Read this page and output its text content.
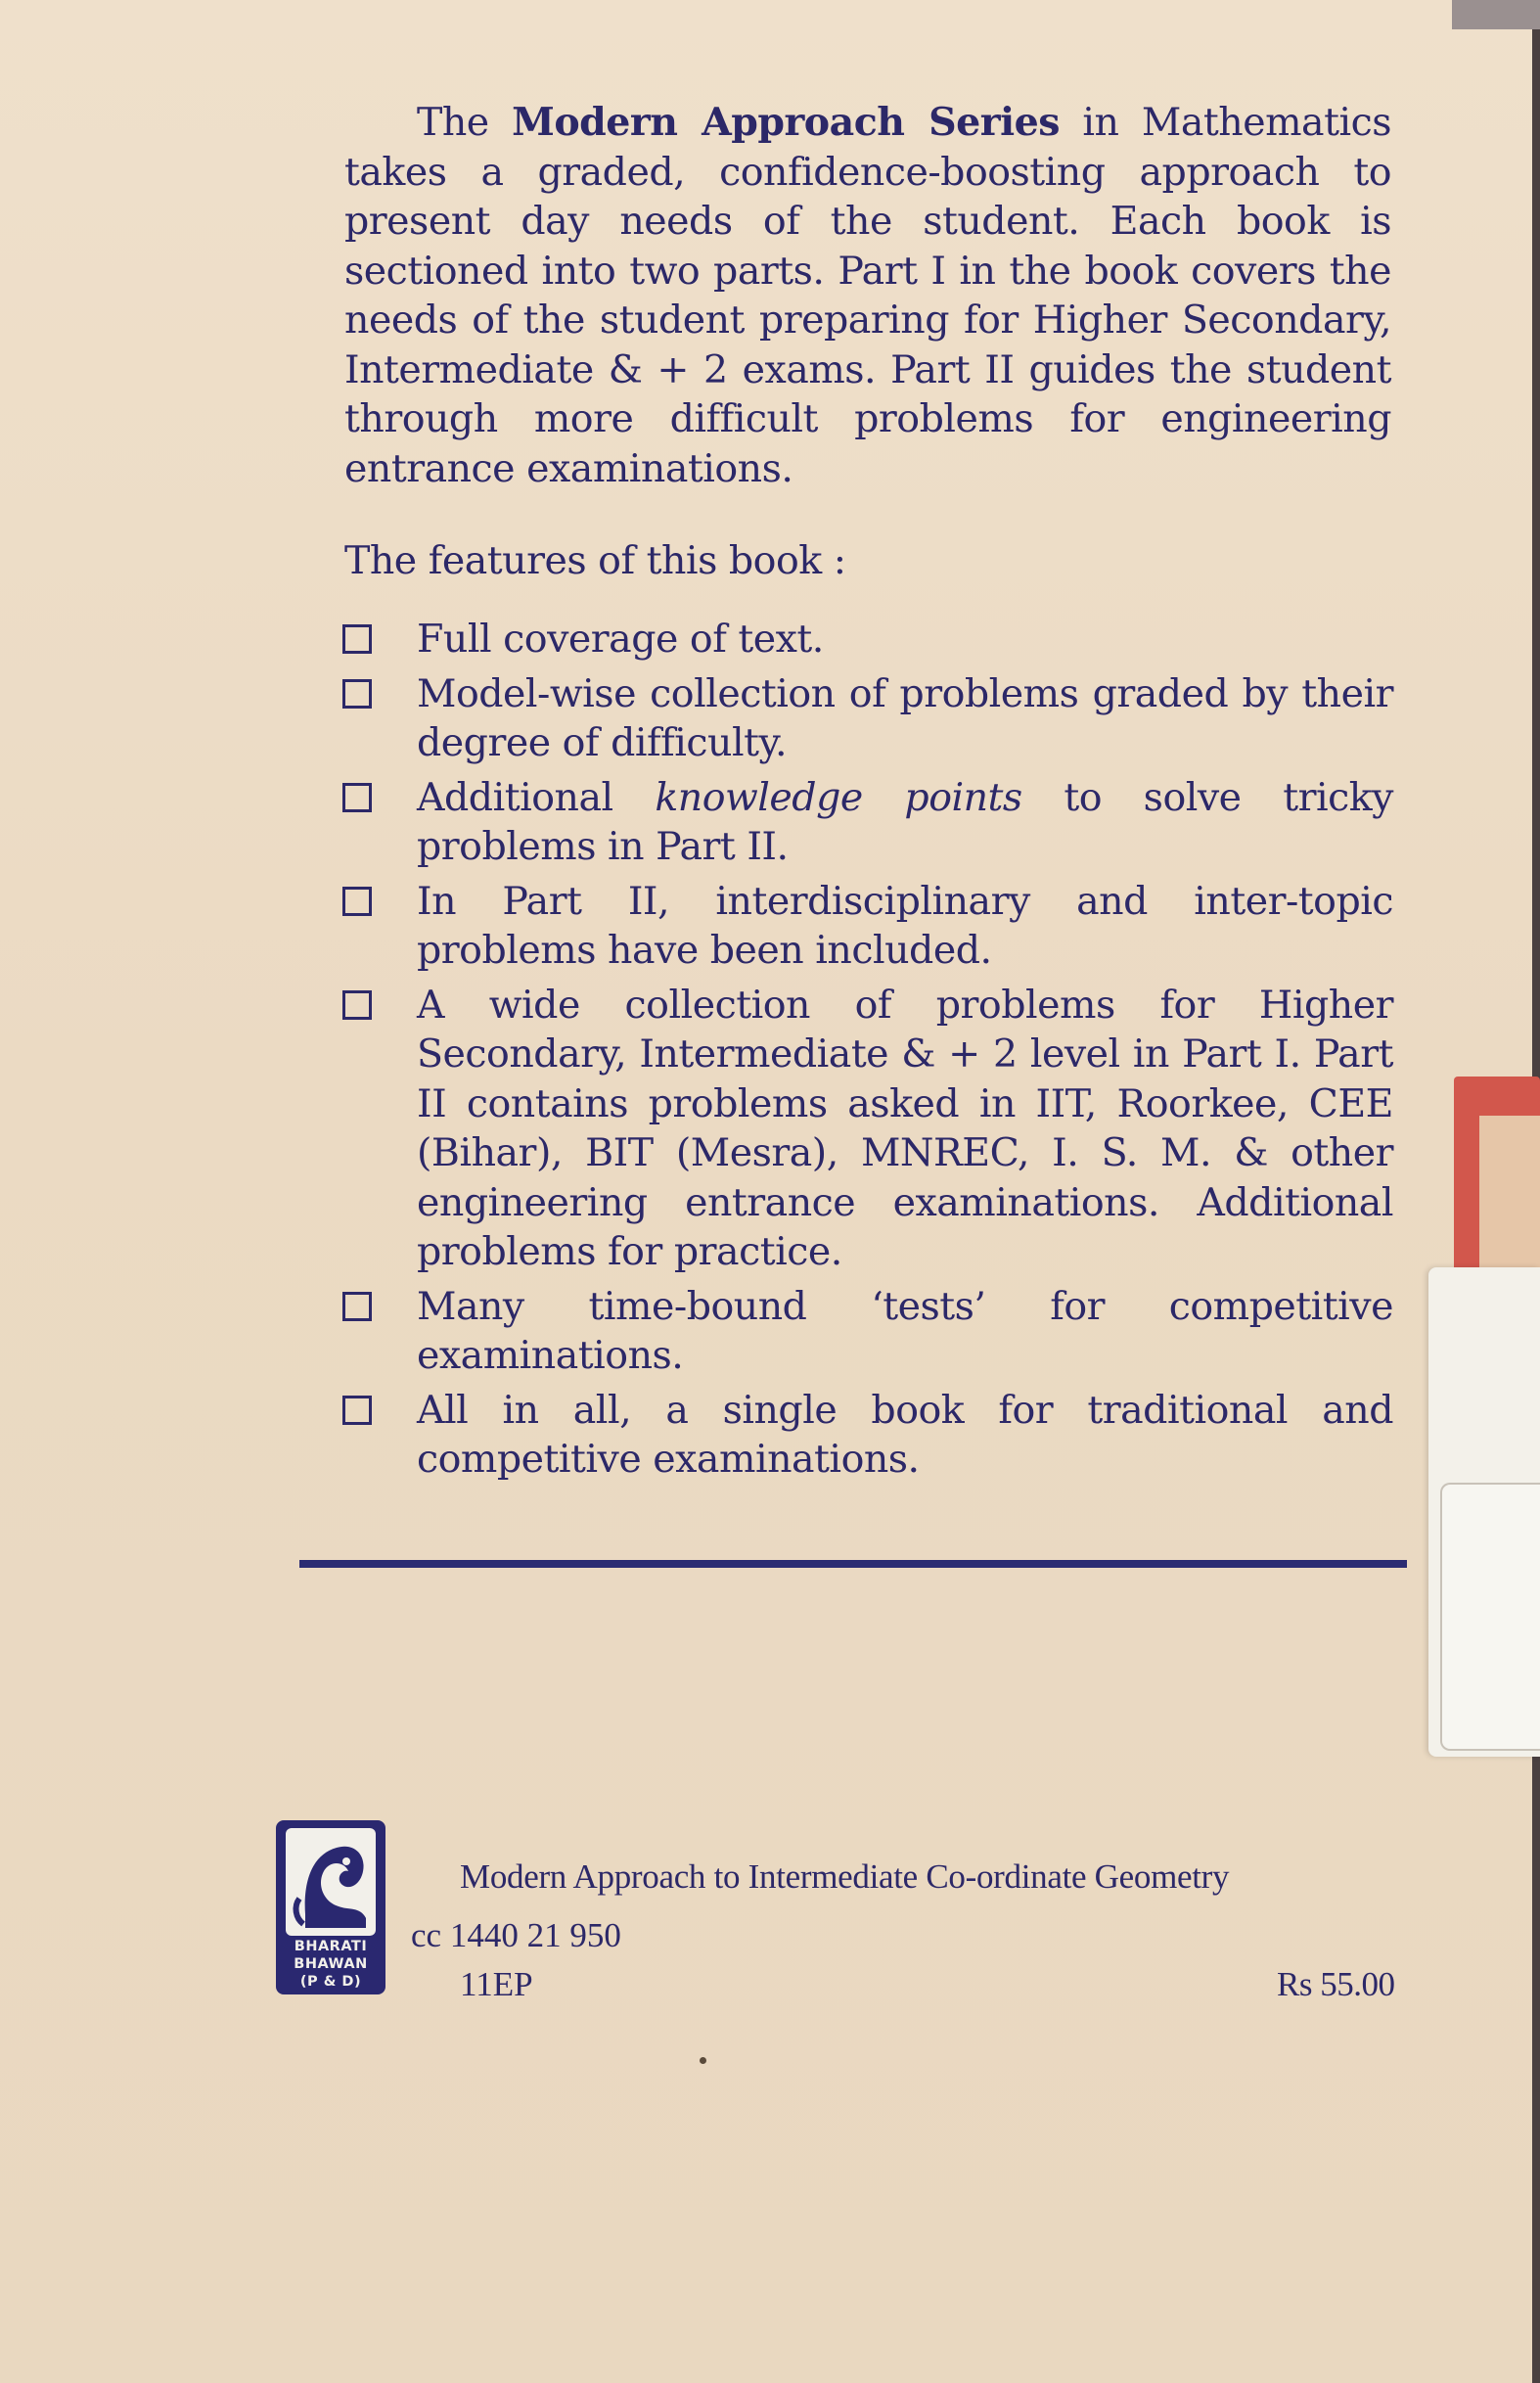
The Modern Approach Series in Mathematics takes a graded, confidence-boosting approach to present day needs of the student. Each book is sectioned into two parts. Part I in the book covers the needs of the student preparing for Higher Secondary, Intermediate & + 2 exams. Part II guides the student through more difficult problems for engineering entrance examinations.

The features of this book :

Full coverage of text.
Model-wise collection of problems graded by their degree of difficulty.
Additional knowledge points to solve tricky problems in Part II.
In Part II, interdisciplinary and inter-topic problems have been included.
A wide collection of problems for Higher Secondary, Intermediate & + 2 level in Part I. Part II contains problems asked in IIT, Roorkee, CEE (Bihar), BIT (Mesra), MNREC, I. S. M. & other engineering entrance examinations. Additional problems for practice.
Many time-bound ‘tests’ for competitive examinations.
All in all, a single book for traditional and competitive examinations.
BHARATI
BHAWAN
(P & D)
Modern Approach to Intermediate Co-ordinate Geometry
cc 1440 21 950
11EP	Rs 55.00
